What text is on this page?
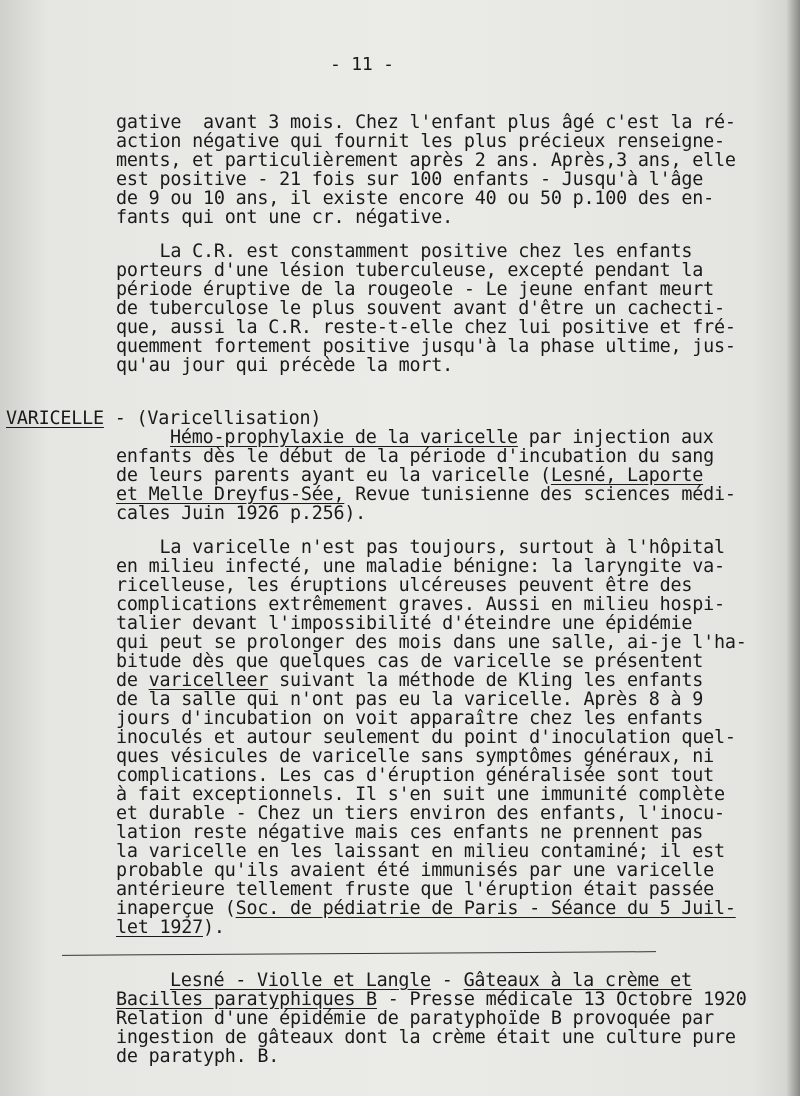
- 11 -
gative  avant 3 mois. Chez l'enfant plus âgé c'est la ré-
action négative qui fournit les plus précieux renseigne-
ments, et particulièrement après 2 ans. Après,3 ans, elle
est positive - 21 fois sur 100 enfants - Jusqu'à l'âge
de 9 ou 10 ans, il existe encore 40 ou 50 p.100 des en-
fants qui ont une cr. négative.
La C.R. est constamment positive chez les enfants
porteurs d'une lésion tuberculeuse, excepté pendant la
période éruptive de la rougeole - Le jeune enfant meurt
de tuberculose le plus souvent avant d'être un cachecti-
que, aussi la C.R. reste-t-elle chez lui positive et fré-
quemment fortement positive jusqu'à la phase ultime, jus-
qu'au jour qui précède la mort.
VARICELLE - (Varicellisation)
Hémo-prophylaxie de la varicelle par injection aux
enfants dès le début de la période d'incubation du sang
de leurs parents ayant eu la varicelle (Lesné, Laporte
et Melle Dreyfus-Sée, Revue tunisienne des sciences médi-
cales Juin 1926 p.256).
La varicelle n'est pas toujours, surtout à l'hôpital
en milieu infecté, une maladie bénigne: la laryngite va-
ricelleuse, les éruptions ulcéreuses peuvent être des
complications extrêmement graves. Aussi en milieu hospi-
talier devant l'impossibilité d'éteindre une épidémie
qui peut se prolonger des mois dans une salle, ai-je l'ha-
bitude dès que quelques cas de varicelle se présentent
de varicelleer suivant la méthode de Kling les enfants
de la salle qui n'ont pas eu la varicelle. Après 8 à 9
jours d'incubation on voit apparaître chez les enfants
inoculés et autour seulement du point d'inoculation quel-
ques vésicules de varicelle sans symptômes généraux, ni
complications. Les cas d'éruption généralisée sont tout
à fait exceptionnels. Il s'en suit une immunité complète
et durable - Chez un tiers environ des enfants, l'inocu-
lation reste négative mais ces enfants ne prennent pas
la varicelle en les laissant en milieu contaminé; il est
probable qu'ils avaient été immunisés par une varicelle
antérieure tellement fruste que l'éruption était passée
inaperçue (Soc. de pédiatrie de Paris - Séance du 5 Juil-
let 1927).
Lesné - Violle et Langle - Gâteaux à la crème et
Bacilles paratyphiques B - Presse médicale 13 Octobre 1920
Relation d'une épidémie de paratyphoïde B provoquée par
ingestion de gâteaux dont la crème était une culture pure
de paratyph. B.
